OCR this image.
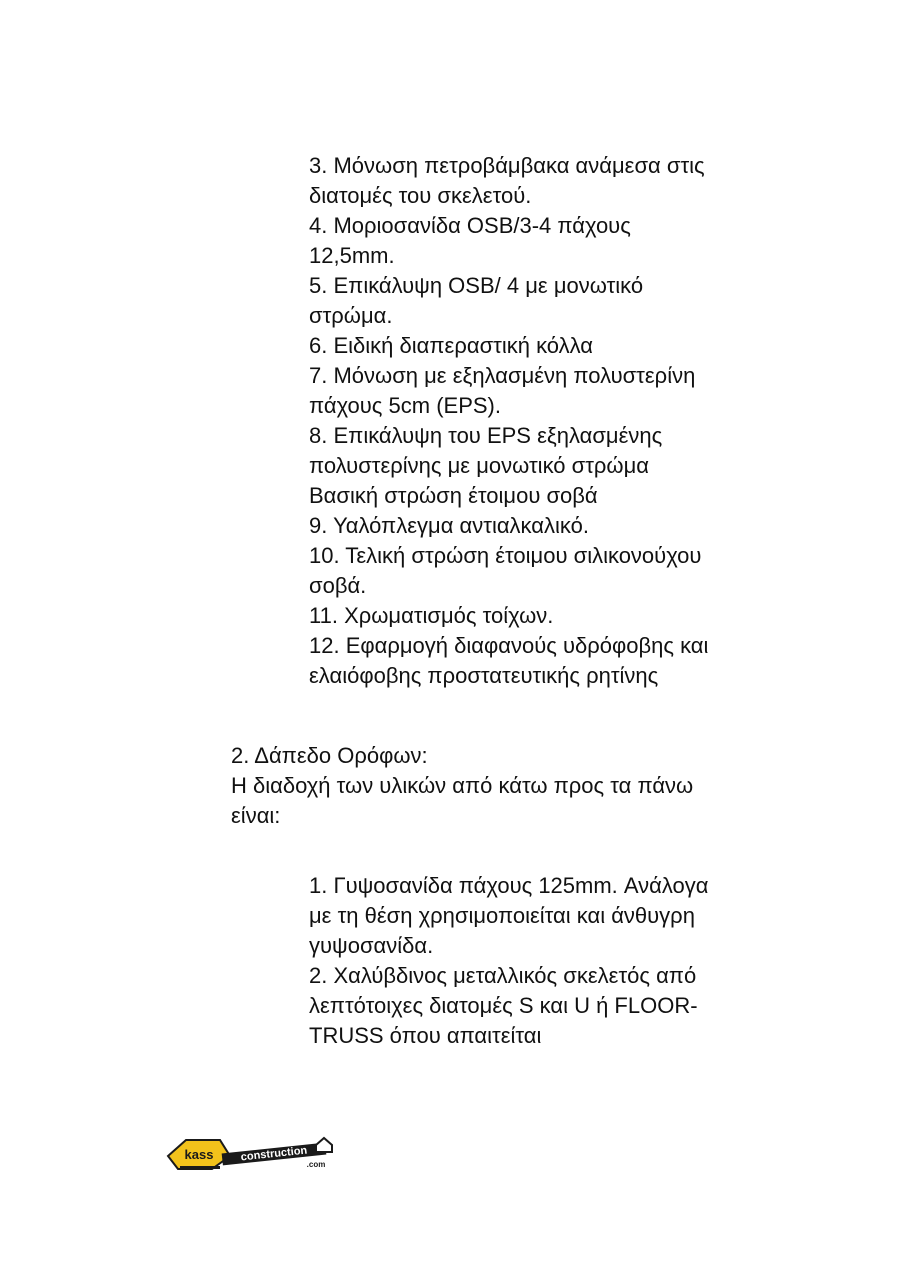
3. Μόνωση πετροβάμβακα ανάμεσα στις
διατομές του σκελετού.
4. Μοριοσανίδα OSB/3-4 πάχους
12,5mm.
5. Επικάλυψη OSB/ 4 με μονωτικό
στρώμα.
6. Ειδική διαπεραστική κόλλα
7. Μόνωση με εξηλασμένη πολυστερίνη
πάχους 5cm (EPS).
8. Επικάλυψη του EPS εξηλασμένης
πολυστερίνης με μονωτικό στρώμα
Βασική στρώση έτοιμου σοβά
9. Υαλόπλεγμα αντιαλκαλικό.
10. Τελική στρώση έτοιμου σιλικονούχου
σοβά.
11. Χρωματισμός τοίχων.
12. Εφαρμογή διαφανούς υδρόφοβης και
ελαιόφοβης προστατευτικής ρητίνης

2. Δάπεδο Ορόφων:

Η διαδοχή των υλικών από κάτω προς τα πάνω

είναι:

1. Γυψοσανίδα πάχους 125mm. Ανάλογα
με τη θέση χρησιμοποιείται και άνθυγρη
γυψοσανίδα.
2. Χαλύβδινος μεταλλικός σκελετός από
λεπτότοιχες διατομές S και U ή FLOOR-
TRUSS όπου απαιτείται
kass construction
.com
